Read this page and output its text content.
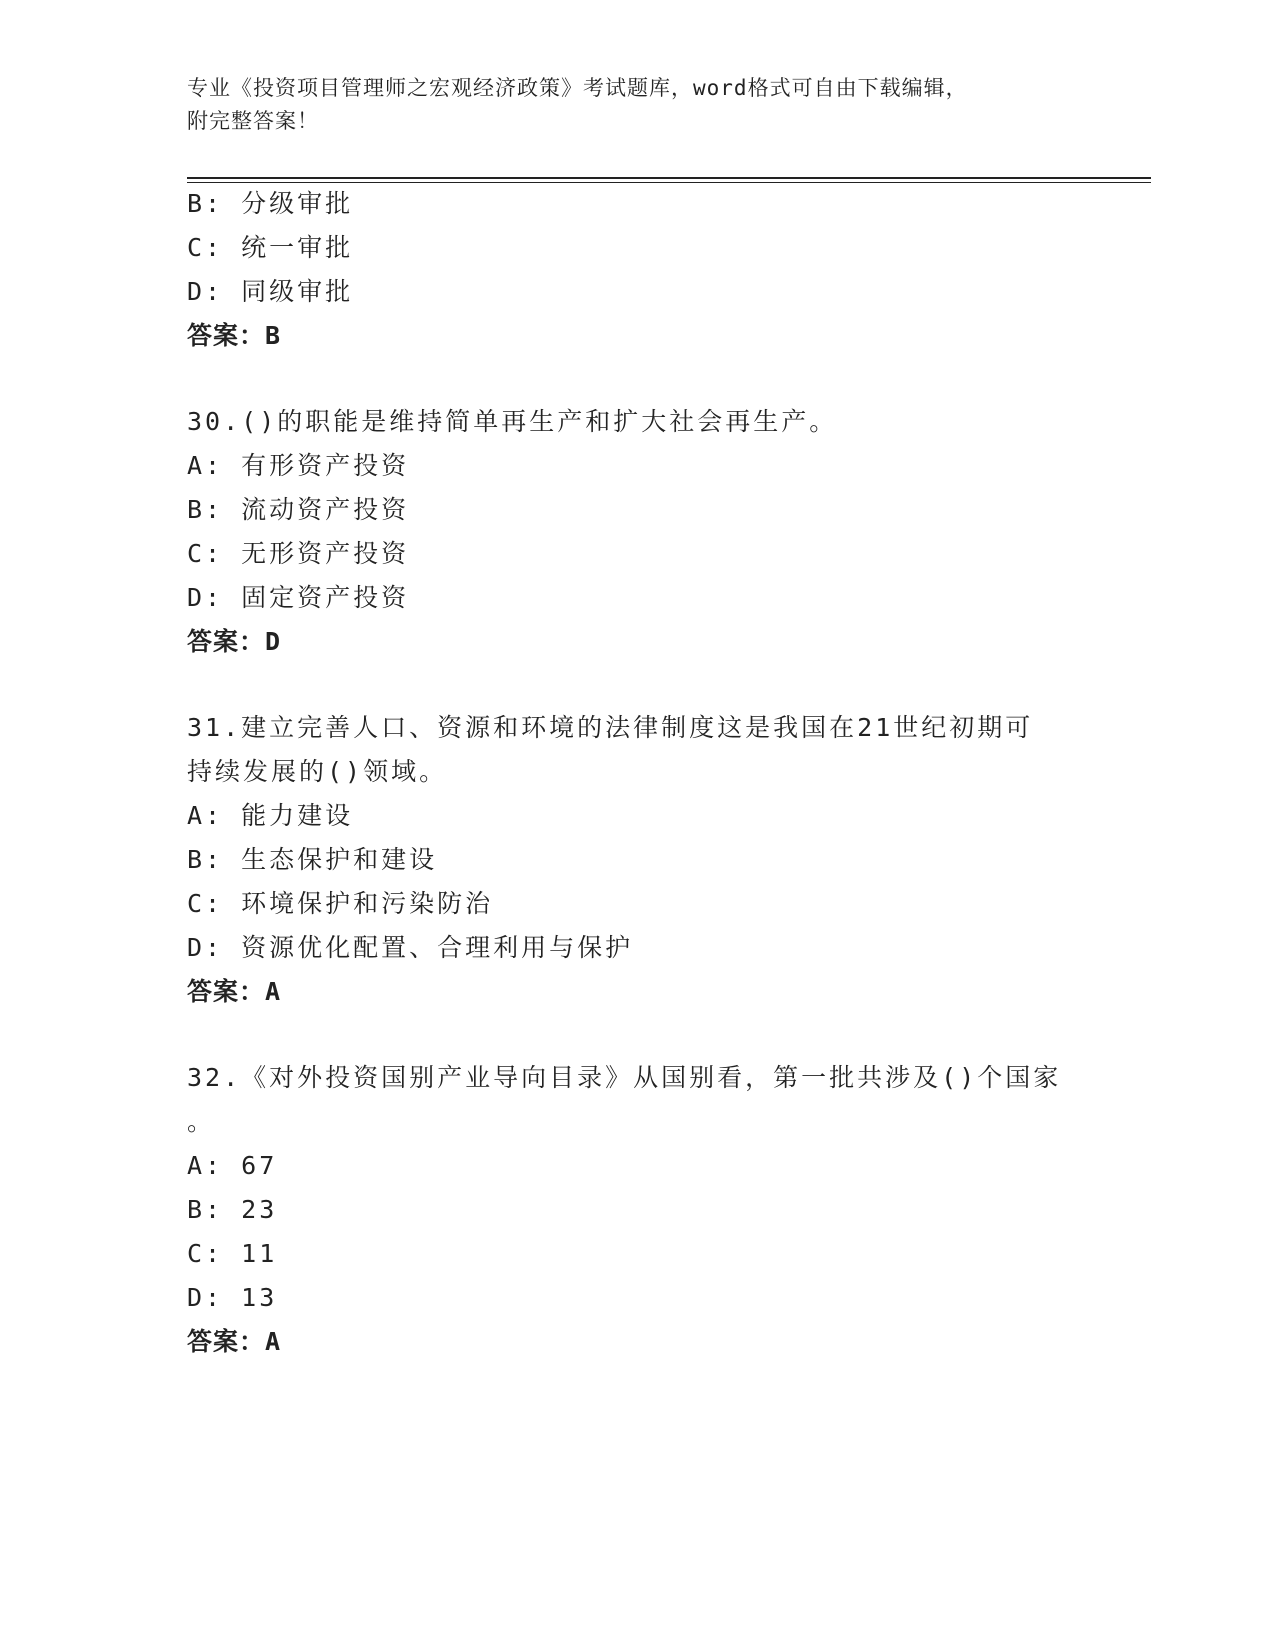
专业《投资项目管理师之宏观经济政策》考试题库，word格式可自由下载编辑，
附完整答案！
B: 分级审批
C: 统一审批
D: 同级审批
答案：B
30.()的职能是维持简单再生产和扩大社会再生产。
A: 有形资产投资
B: 流动资产投资
C: 无形资产投资
D: 固定资产投资
答案：D
31.建立完善人口、资源和环境的法律制度这是我国在21世纪初期可
持续发展的()领域。
A: 能力建设
B: 生态保护和建设
C: 环境保护和污染防治
D: 资源优化配置、合理利用与保护
答案：A
32.《对外投资国别产业导向目录》从国别看，第一批共涉及()个国家
。
A: 67
B: 23
C: 11
D: 13
答案：A
